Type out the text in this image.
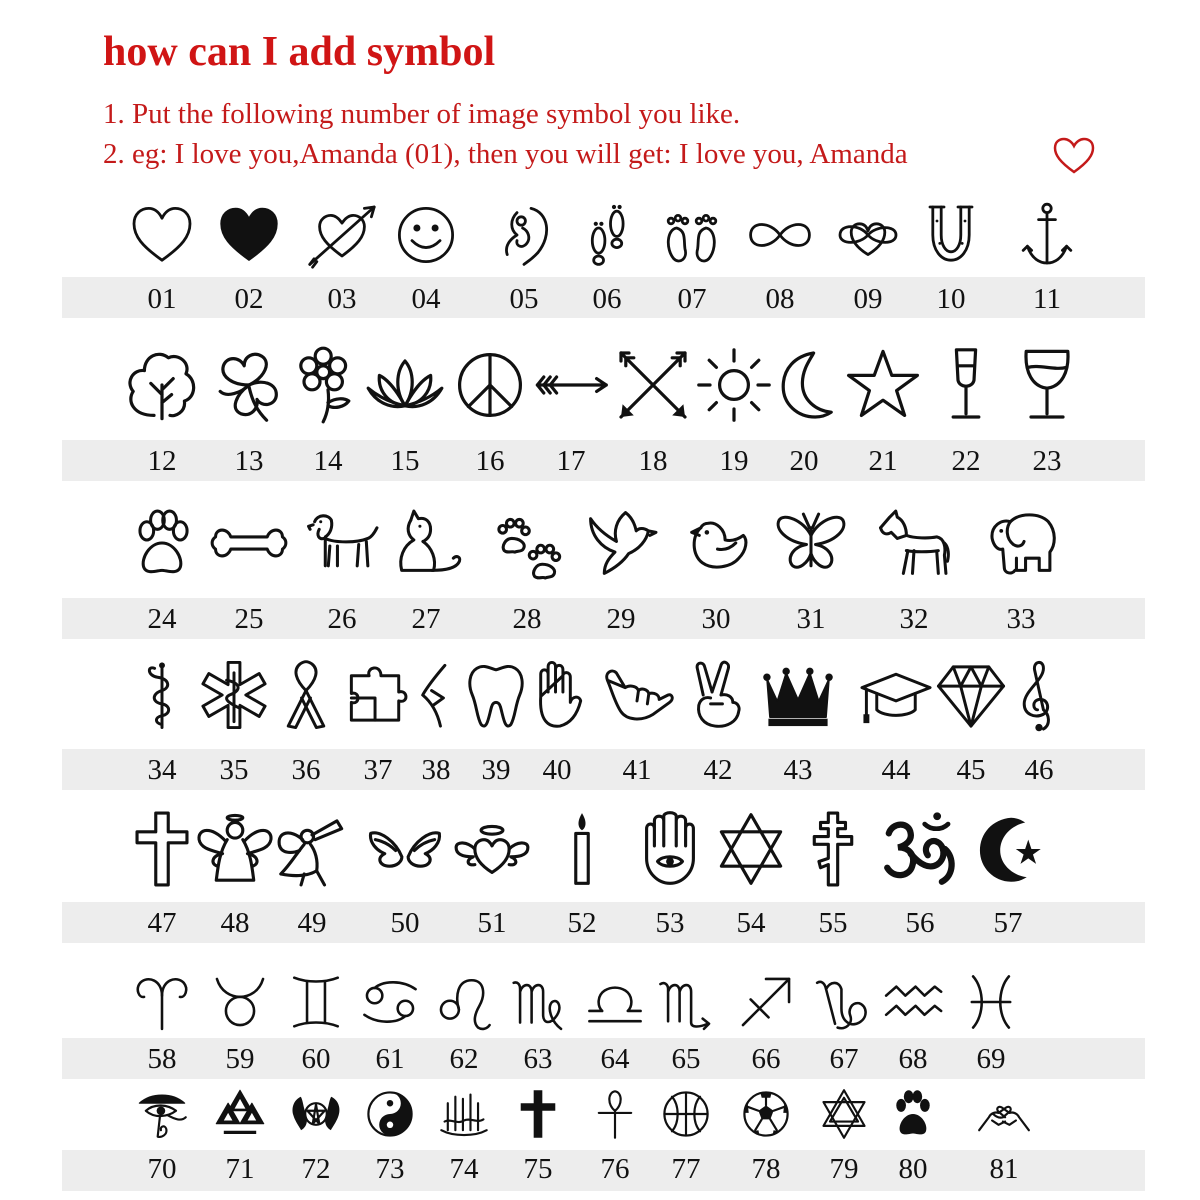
how can I add symbol
1. Put the following number of image symbol you like.
2. eg: I love you,Amanda (01), then you will get: I love you, Amanda
01	02	03	04	05	06	07	08	09	10	11
12	13	14	15	16	17	18	19	20	21	22	23
24	25	26	27	28	29	30	31	32	33
34	35	36	37	38	39	40	41	42	43	44	45	46
47	48	49	50	51	52	53	54	55	56	57
58	59	60	61	62	63	64	65	66	67	68	69
70	71	72	73	74	75	76	77	78	79	80	81
